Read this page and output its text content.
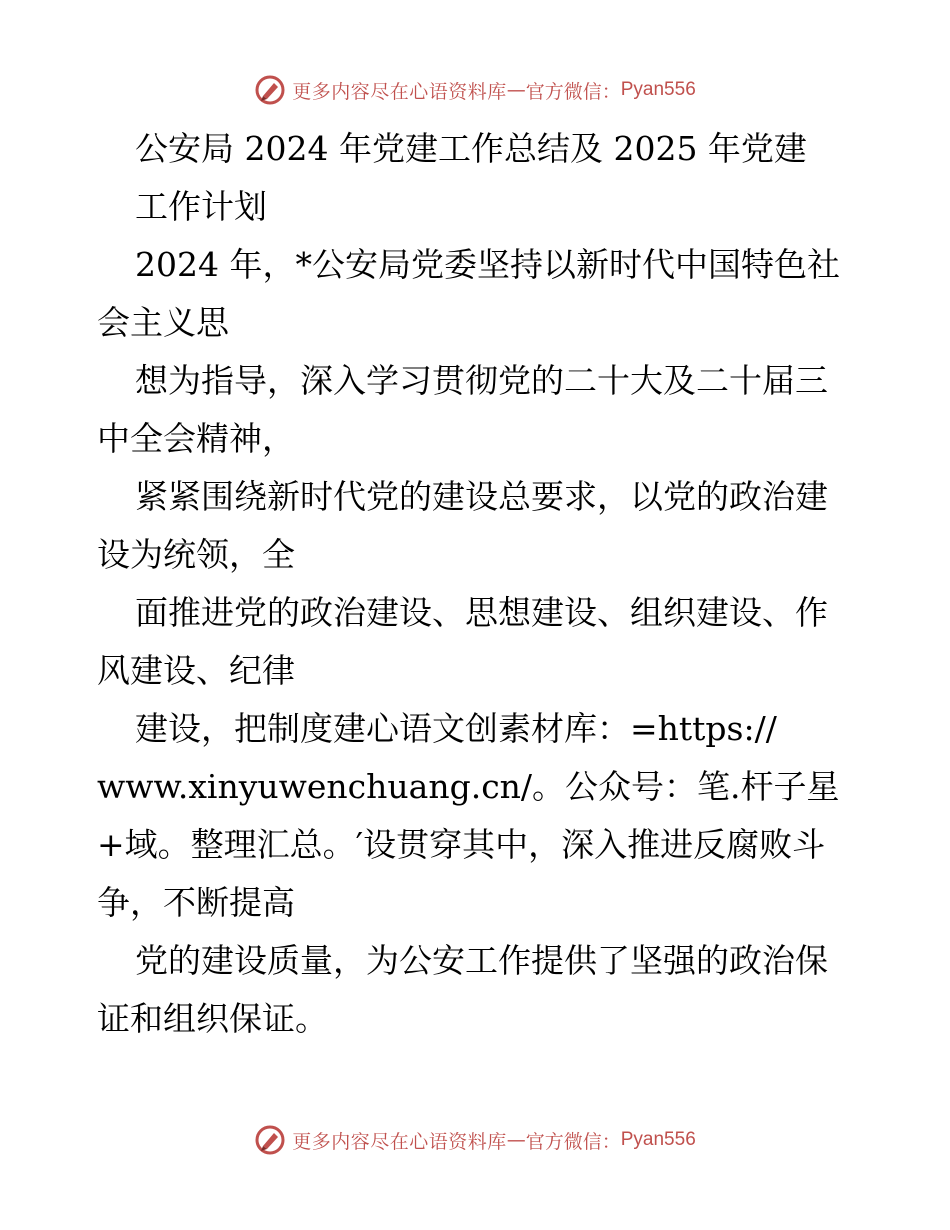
更多内容尽在心语资料库 — 官方微信： Pyan556
公安局 2024 年党建工作总结及 2025 年党建
工作计划
2024 年，*公安局党委坚持以新时代中国特色社
会主义思
想为指导，深入学习贯彻党的二十大及二十届三
中全会精神，
紧紧围绕新时代党的建设总要求，以党的政治建
设为统领，全
面推进党的政治建设、思想建设、组织建设、作
风建设、纪律
建设，把制度建心语文创素材库：=https://
www.xinyuwenchuang.cn/。公众号：笔.杆子星
+域。整理汇总。′设贯穿其中，深入推进反腐败斗
争，不断提高
党的建设质量，为公安工作提供了坚强的政治保
证和组织保证。
更多内容尽在心语资料库 — 官方微信： Pyan556
